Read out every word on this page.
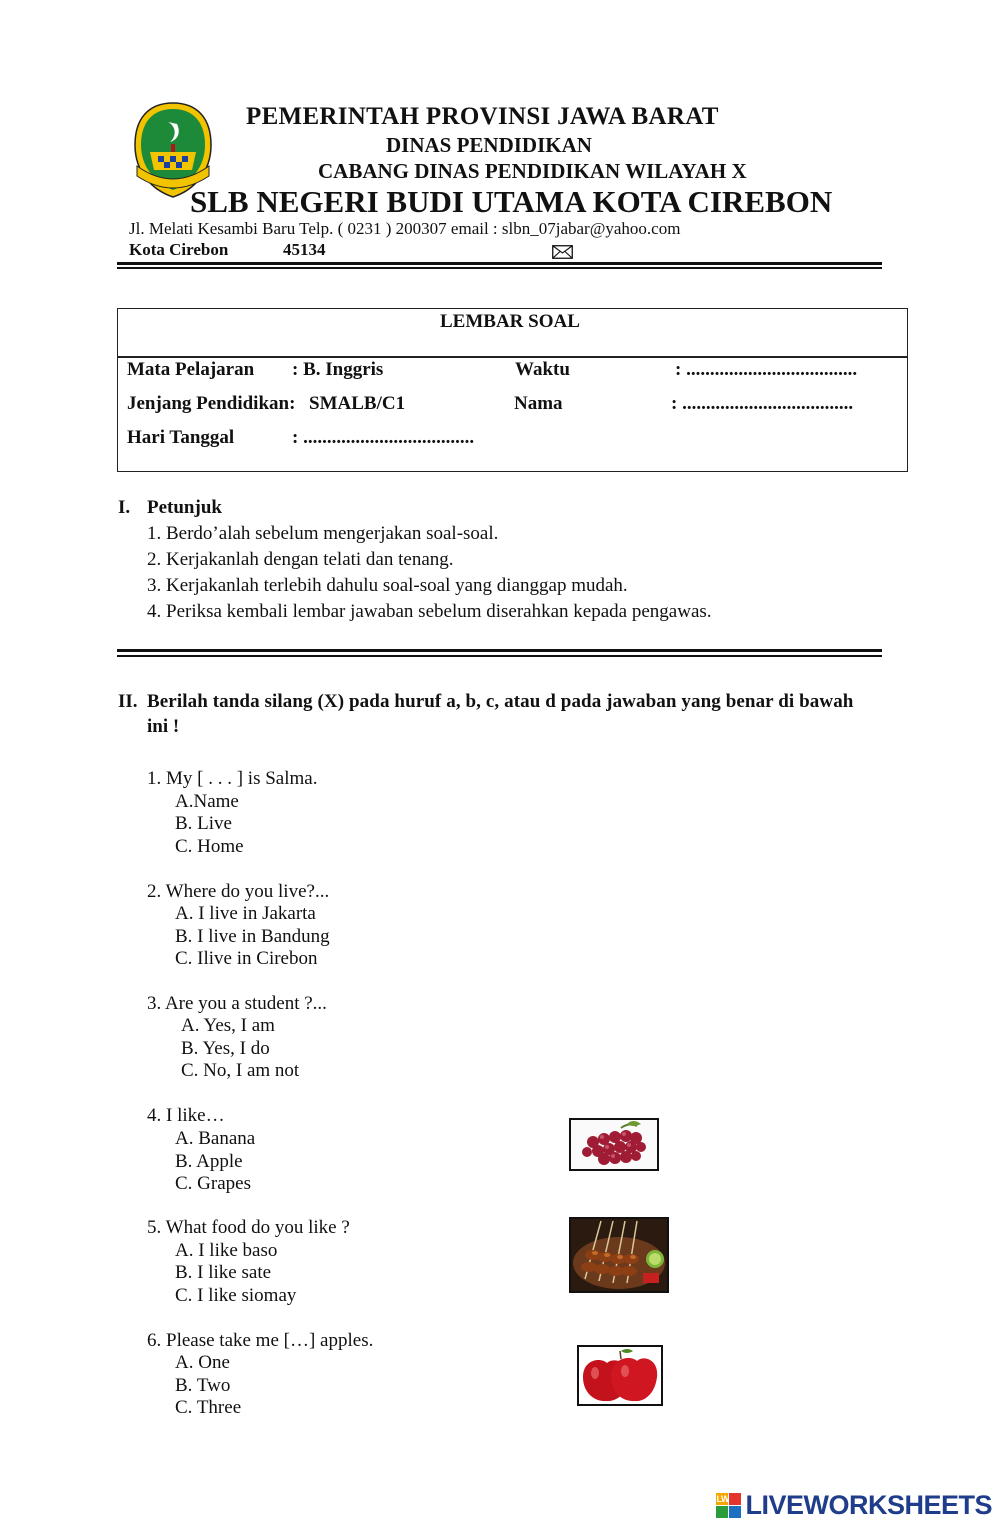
PEMERINTAH PROVINSI JAWA BARAT
DINAS PENDIDIKAN
CABANG DINAS PENDIDIKAN WILAYAH X
SLB NEGERI BUDI UTAMA KOTA CIREBON
Jl. Melati Kesambi Baru Telp. ( 0231 ) 200307 email : slbn_07jabar@yahoo.com
Kota Cirebon	45134
LEMBAR SOAL
Mata Pelajaran : B. Inggris	Waktu	: ....................................
Jenjang Pendidikan: SMALB/C1	Nama	: ....................................
Hari Tanggal	: ....................................
I. Petunjuk
1. Berdo’alah sebelum mengerjakan soal-soal.
2. Kerjakanlah dengan telati dan tenang.
3. Kerjakanlah terlebih dahulu soal-soal yang dianggap mudah.
4. Periksa kembali lembar jawaban sebelum diserahkan kepada pengawas.
II. Berilah tanda silang (X) pada huruf a, b, c, atau d pada jawaban yang benar di bawah
ini !
1. My [ . . . ] is Salma.
A.Name
B. Live
C. Home
2. Where do you live?...
A. I live in Jakarta
B. I live in Bandung
C. Ilive in Cirebon
3. Are you a student ?...
A. Yes, I am
B. Yes, I do
C. No, I am not
4. I like…
A. Banana
B. Apple
C. Grapes
5. What food do you like ?
A. I like baso
B. I like sate
C. I like siomay
6. Please take me […] apples.
A. One
B. Two
C. Three
LW LIVEWORKSHEETS
